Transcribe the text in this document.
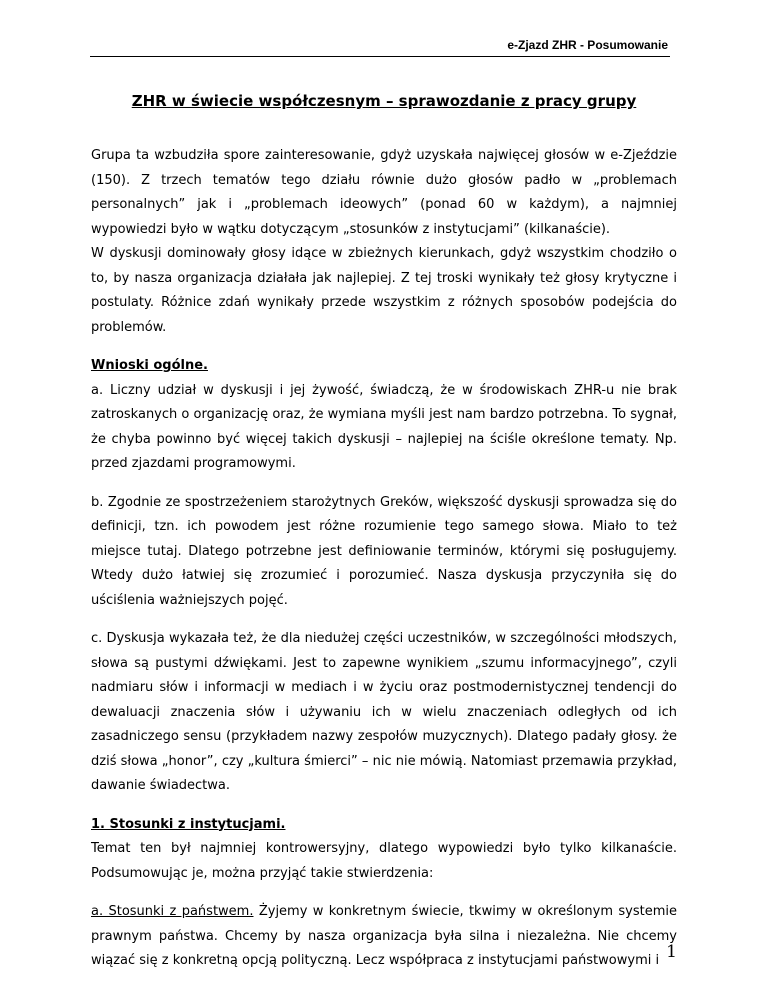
e-Zjazd ZHR - Posumowanie
ZHR w świecie współczesnym – sprawozdanie z pracy grupy

Grupa ta wzbudziła spore zainteresowanie, gdyż uzyskała najwięcej głosów w e-Zjeździe (150). Z trzech tematów tego działu równie dużo głosów padło w „problemach personalnych” jak i „problemach ideowych” (ponad 60 w każdym), a najmniej wypowiedzi było w wątku dotyczącym „stosunków z instytucjami” (kilkanaście).

W dyskusji dominowały głosy idące w zbieżnych kierunkach, gdyż wszystkim chodziło o to, by nasza organizacja działała jak najlepiej. Z tej troski wynikały też głosy krytyczne i postulaty. Różnice zdań wynikały przede wszystkim z różnych sposobów podejścia do problemów.

Wnioski ogólne.

a. Liczny udział w dyskusji i jej żywość, świadczą, że w środowiskach ZHR-u nie brak zatroskanych o organizację oraz, że wymiana myśli jest nam bardzo potrzebna. To sygnał, że chyba powinno być więcej takich dyskusji – najlepiej na ściśle określone tematy. Np. przed zjazdami programowymi.

b. Zgodnie ze spostrzeżeniem starożytnych Greków, większość dyskusji sprowadza się do definicji, tzn. ich powodem jest różne rozumienie tego samego słowa. Miało to też miejsce tutaj. Dlatego potrzebne jest definiowanie terminów, którymi się posługujemy. Wtedy dużo łatwiej się zrozumieć i porozumieć. Nasza dyskusja przyczyniła się do uściślenia ważniejszych pojęć.

c. Dyskusja wykazała też, że dla niedużej części uczestników, w szczególności młodszych, słowa są pustymi dźwiękami. Jest to zapewne wynikiem „szumu informacyjnego”, czyli nadmiaru słów i informacji w mediach i w życiu oraz postmodernistycznej tendencji do dewaluacji znaczenia słów i używaniu ich w wielu znaczeniach odległych od ich zasadniczego sensu (przykładem nazwy zespołów muzycznych). Dlatego padały głosy. że dziś słowa „honor”, czy „kultura śmierci” – nic nie mówią. Natomiast przemawia przykład, dawanie świadectwa.

1. Stosunki z instytucjami.

Temat ten był najmniej kontrowersyjny, dlatego wypowiedzi było tylko kilkanaście. Podsumowując je, można przyjąć takie stwierdzenia:

a. Stosunki z państwem. Żyjemy w konkretnym świecie, tkwimy w określonym systemie prawnym państwa. Chcemy by nasza organizacja była silna i niezależna. Nie chcemy wiązać się z konkretną opcją polityczną. Lecz współpraca z instytucjami państwowymi i 1
